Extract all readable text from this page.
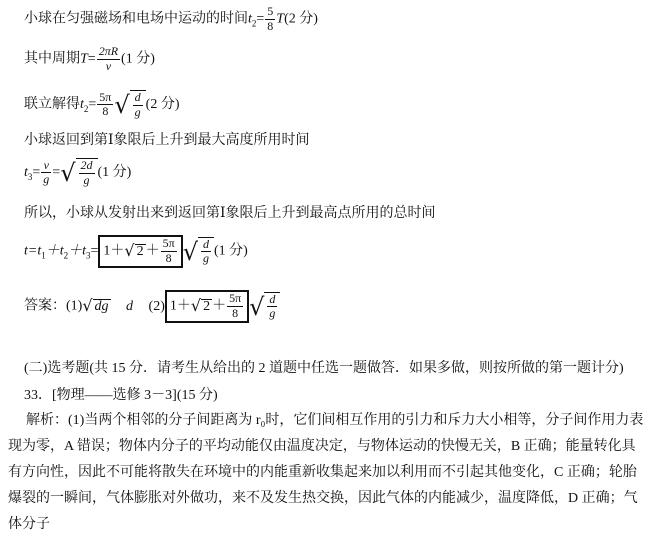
小球在匀强磁场和电场中运动的时间$t_2= \frac{5}{8} T(2$ 分)
其中周期$T= \frac{2\pi R}{v} (1$ 分)
联立解得$t_2= \frac{5\pi}{8}$ √ $\frac{d}{g} (2$ 分)
小球返回到第Ⅰ象限后上升到最大高度所用时间
$t_3= \frac{v}{g}$ =√ $\frac{2d}{g} (1$ 分)
所以，小球从发射出来到返回第Ⅰ象限后上升到最高点所用的总时间
$t=t_1+t_2+t_3= 1+√$ $2 + \frac{5\pi}{8}$ √ $\frac{d}{g} (1$ 分)
答案：(1)√ dg d (2) 1＋√ $2 + \frac{5\pi}{8}$ √ $\frac{d}{g}$
(二)选考题(共 15 分．请考生从给出的 2 道题中任选一题做答．如果多做，则按所做的第一题计分)
33．[物理——选修 3－3](15 分)
解析：(1)当两个相邻的分子间距离为 r₀时，它们间相互作用的引力和斥力大小相等，分子间作用力表现为零，A 错误；物体内分子的平均动能仅由温度决定，与物体运动的快慢无关，B 正确；能量转化具有方向性，因此不可能将散失在环境中的内能重新收集起来加以利用而不引起其他变化，C 正确；轮胎爆裂的一瞬间，气体膨胀对外做功，来不及发生热交换，因此气体的内能减少，温度降低，D 正确；气体分子
